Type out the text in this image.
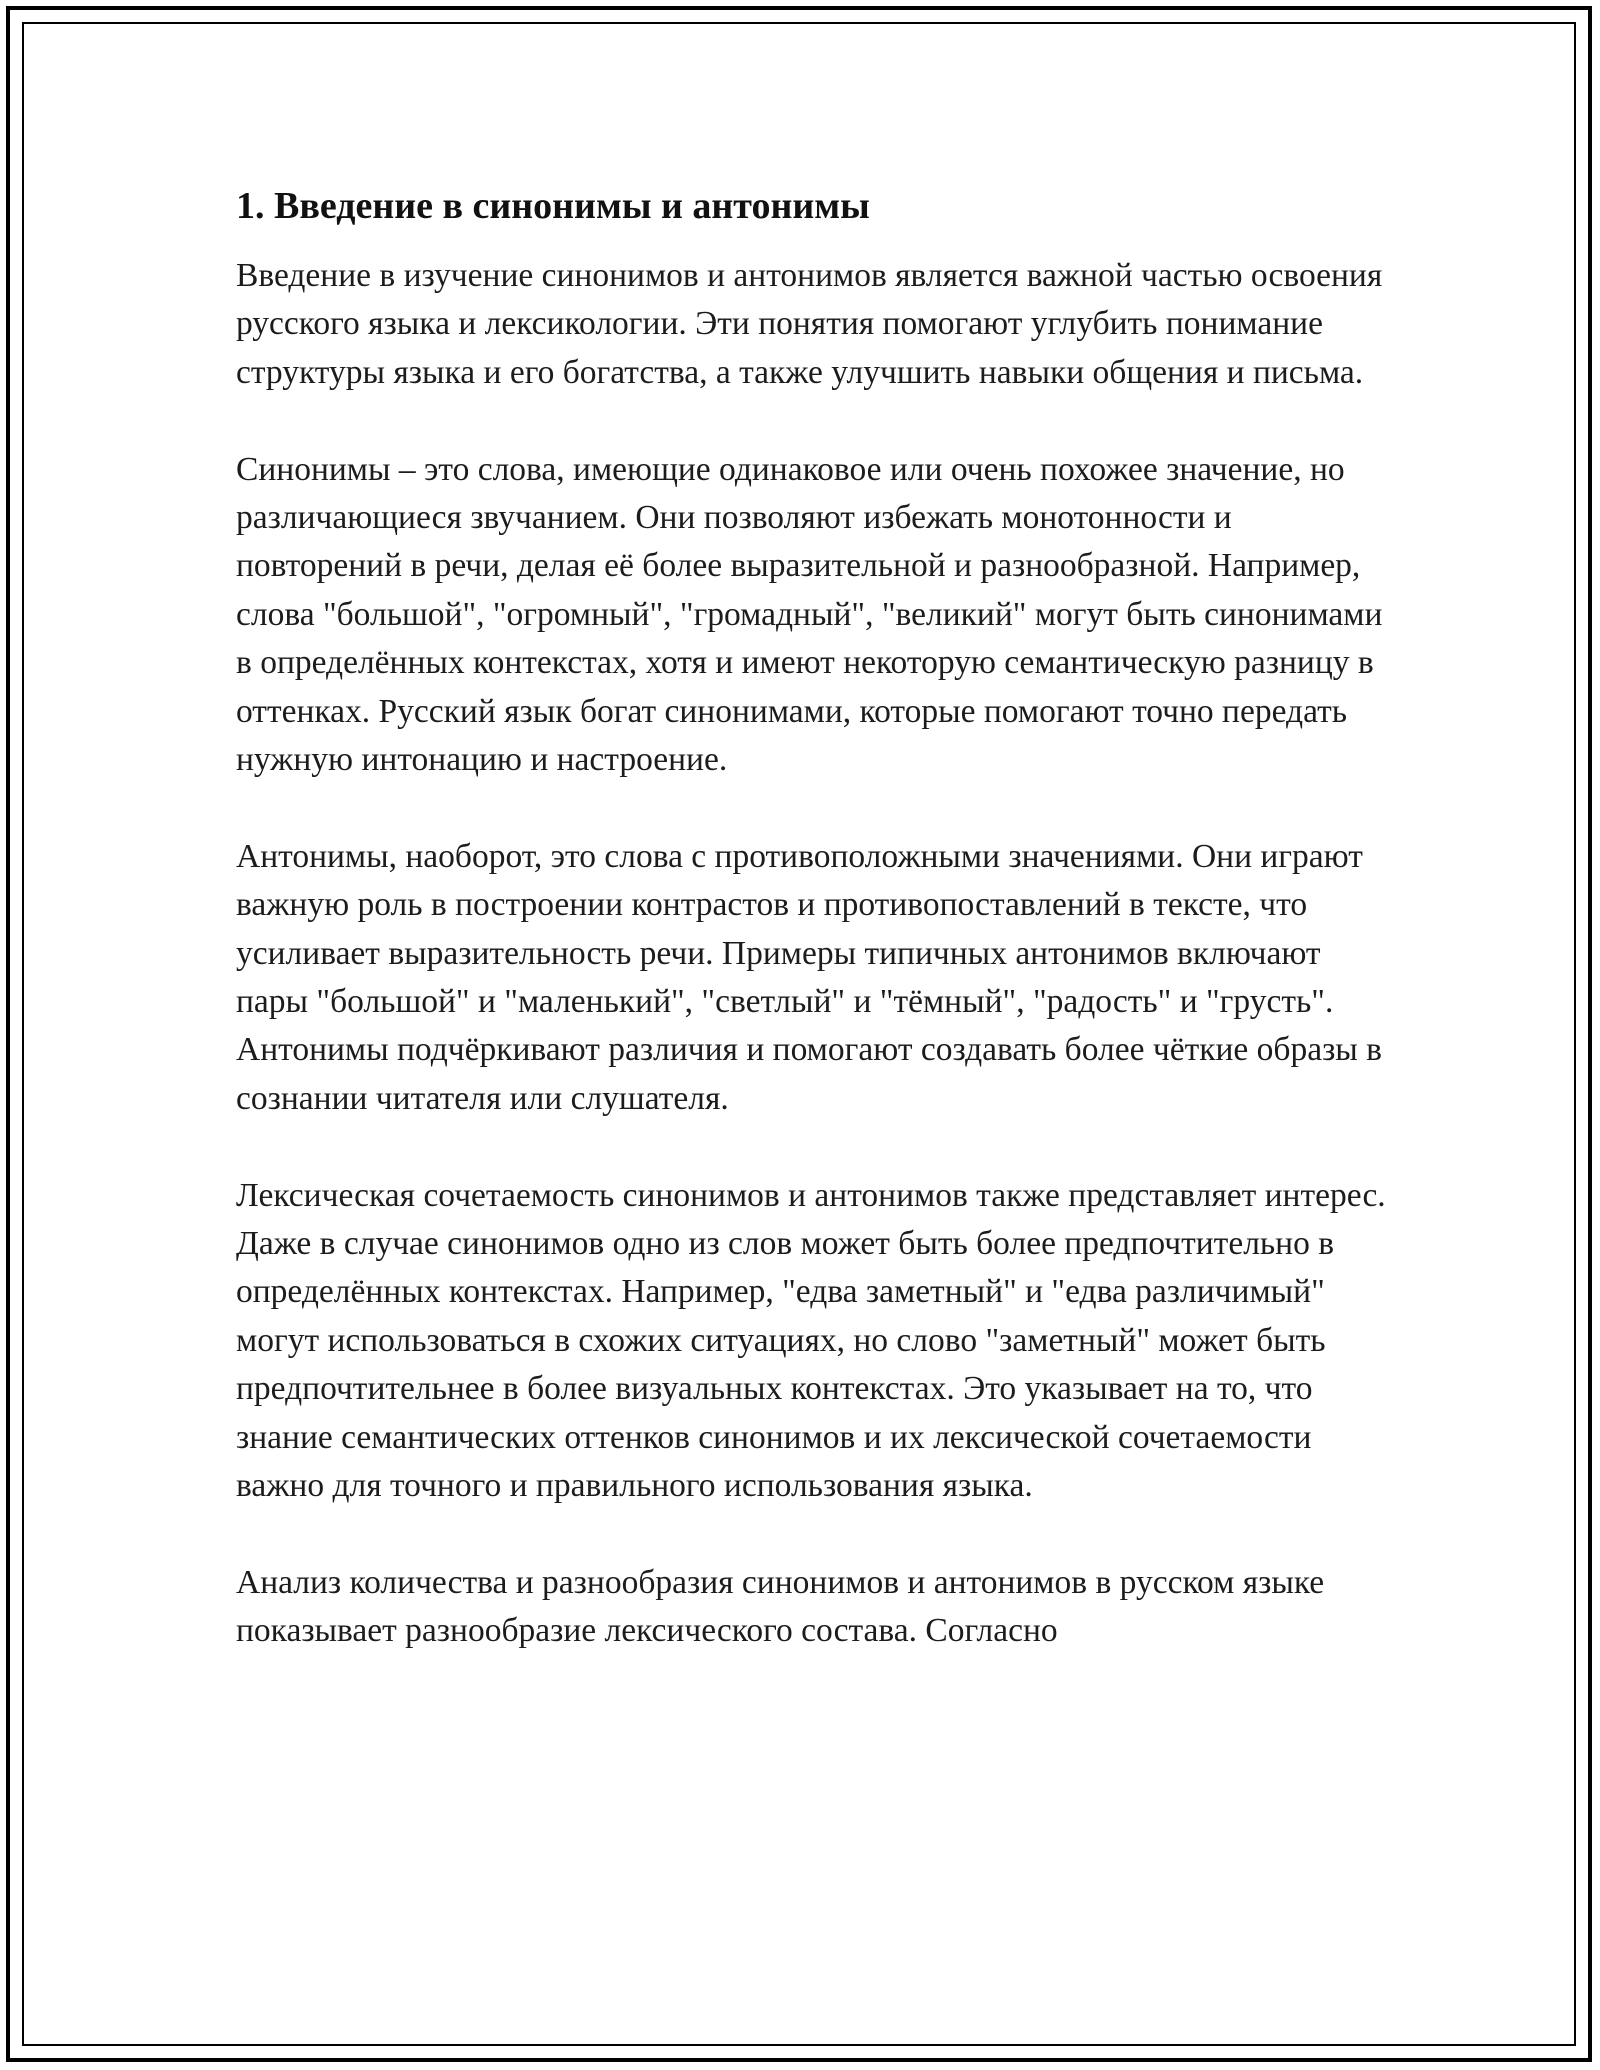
1. Введение в синонимы и антонимы

Введение в изучение синонимов и антонимов является важной частью освоения русского языка и лексикологии. Эти понятия помогают углубить понимание структуры языка и его богатства, а также улучшить навыки общения и письма.

Синонимы – это слова, имеющие одинаковое или очень похожее значение, но различающиеся звучанием. Они позволяют избежать монотонности и повторений в речи, делая её более выразительной и разнообразной. Например, слова "большой", "огромный", "громадный", "великий" могут быть синонимами в определённых контекстах, хотя и имеют некоторую семантическую разницу в оттенках. Русский язык богат синонимами, которые помогают точно передать нужную интонацию и настроение.

Антонимы, наоборот, это слова с противоположными значениями. Они играют важную роль в построении контрастов и противопоставлений в тексте, что усиливает выразительность речи. Примеры типичных антонимов включают пары "большой" и "маленький", "светлый" и "тёмный", "радость" и "грусть". Антонимы подчёркивают различия и помогают создавать более чёткие образы в сознании читателя или слушателя.

Лексическая сочетаемость синонимов и антонимов также представляет интерес. Даже в случае синонимов одно из слов может быть более предпочтительно в определённых контекстах. Например, "едва заметный" и "едва различимый" могут использоваться в схожих ситуациях, но слово "заметный" может быть предпочтительнее в более визуальных контекстах. Это указывает на то, что знание семантических оттенков синонимов и их лексической сочетаемости важно для точного и правильного использования языка.

Анализ количества и разнообразия синонимов и антонимов в русском языке показывает разнообразие лексического состава. Согласно
